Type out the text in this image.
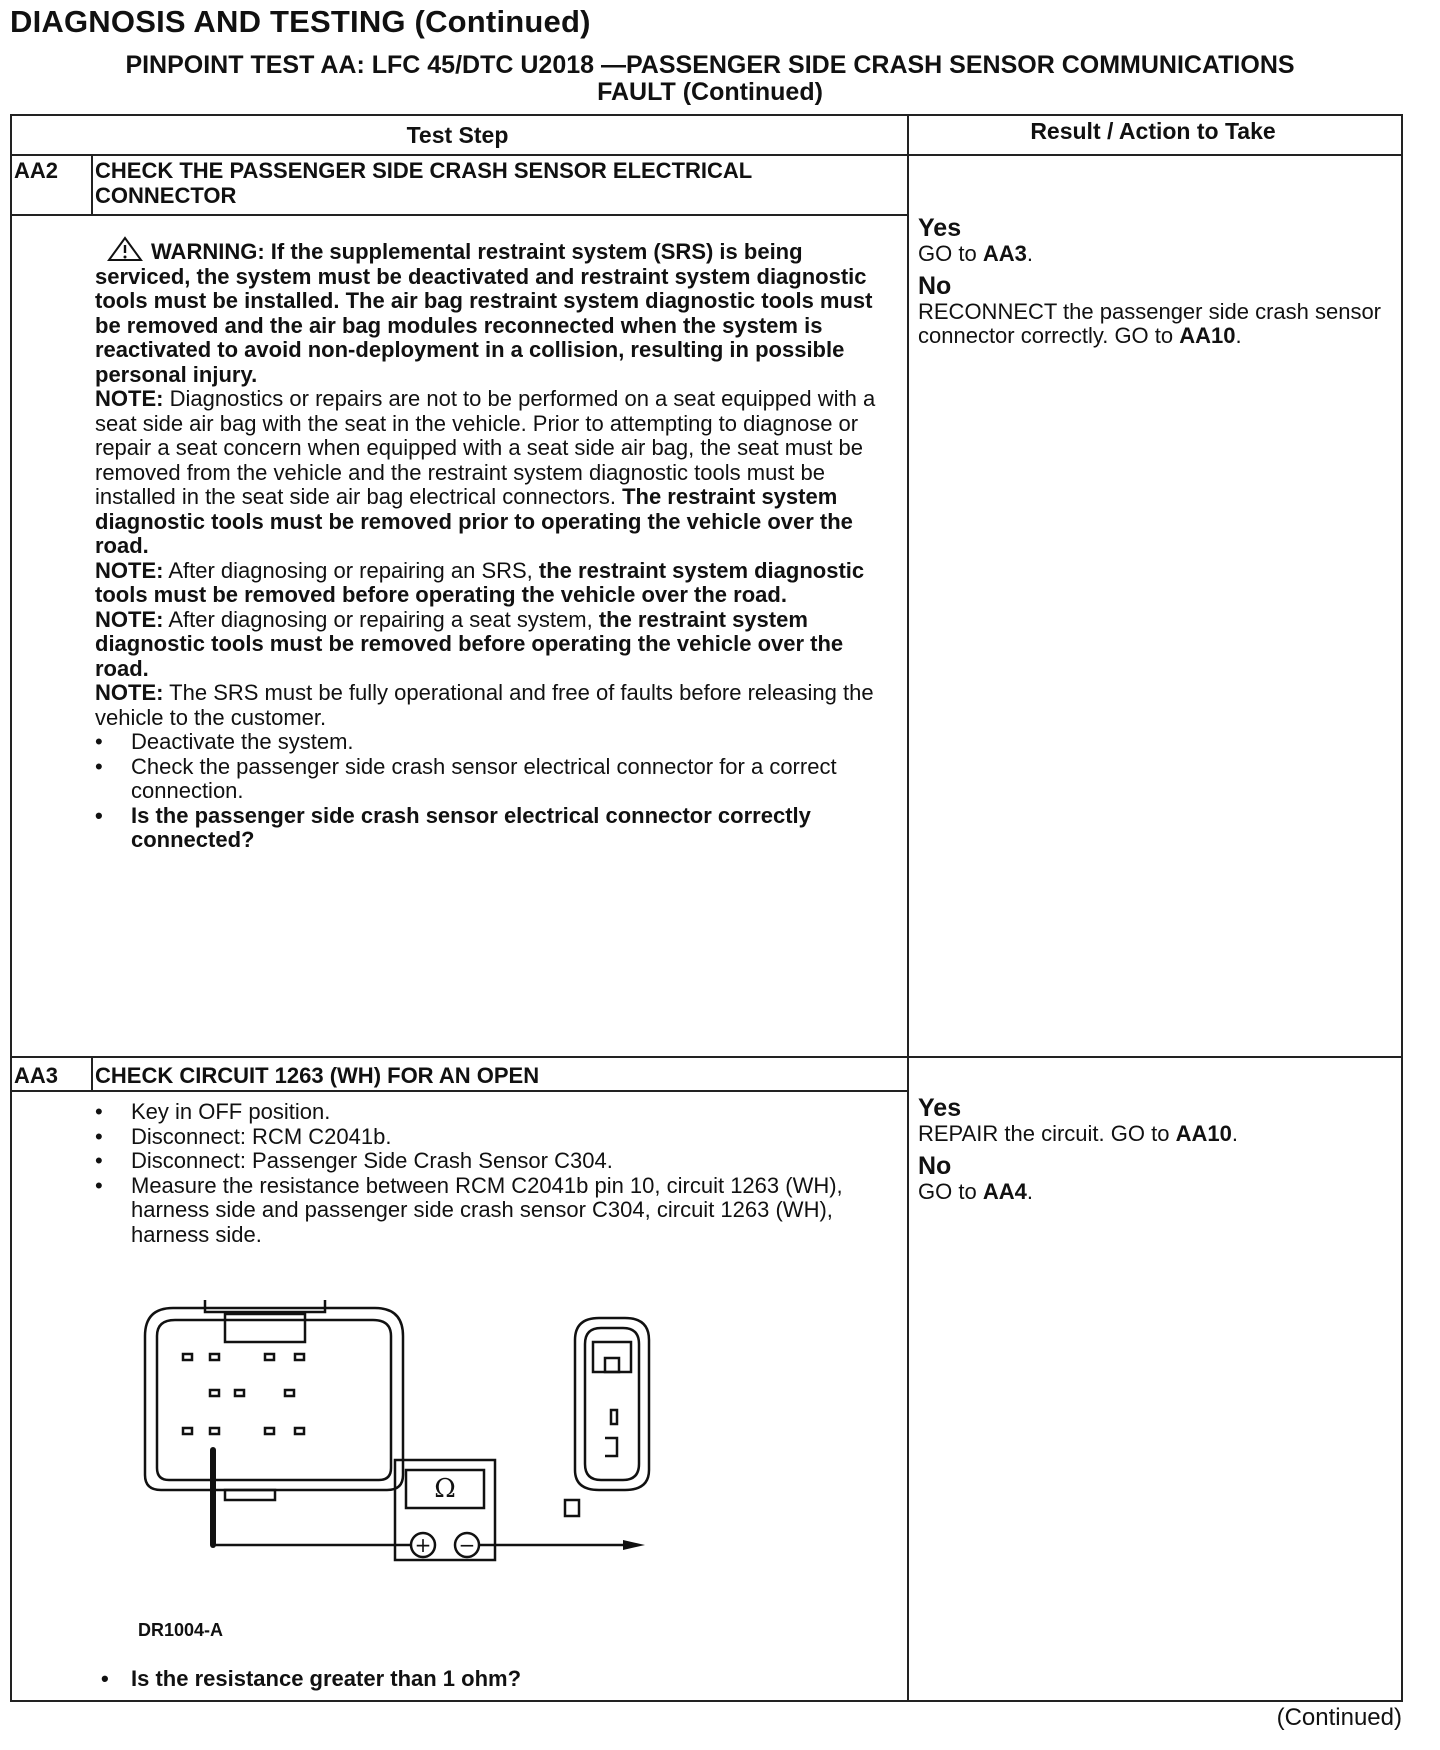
DIAGNOSIS AND TESTING (Continued)
PINPOINT TEST AA: LFC 45/DTC U2018 —PASSENGER SIDE CRASH SENSOR COMMUNICATIONS
FAULT (Continued)
Test Step	Result / Action to Take
AA2 CHECK THE PASSENGER SIDE CRASH SENSOR ELECTRICAL CONNECTOR

WARNING: If the supplemental restraint system (SRS) is being serviced, the system must be deactivated and restraint system diagnostic tools must be installed. The air bag restraint system diagnostic tools must be removed and the air bag modules reconnected when the system is reactivated to avoid non-deployment in a collision, resulting in possible personal injury.

NOTE: Diagnostics or repairs are not to be performed on a seat equipped with a seat side air bag with the seat in the vehicle. Prior to attempting to diagnose or repair a seat concern when equipped with a seat side air bag, the seat must be removed from the vehicle and the restraint system diagnostic tools must be installed in the seat side air bag electrical connectors. The restraint system diagnostic tools must be removed prior to operating the vehicle over the road.

NOTE: After diagnosing or repairing an SRS, the restraint system diagnostic tools must be removed before operating the vehicle over the road.

NOTE: After diagnosing or repairing a seat system, the restraint system diagnostic tools must be removed before operating the vehicle over the road.

NOTE: The SRS must be fully operational and free of faults before releasing the vehicle to the customer.

• Deactivate the system.
• Check the passenger side crash sensor electrical connector for a correct connection.
• Is the passenger side crash sensor electrical connector correctly connected?
Yes
GO to AA3.
No
RECONNECT the passenger side crash sensor connector correctly. GO to AA10.
AA3 CHECK CIRCUIT 1263 (WH) FOR AN OPEN
• Key in OFF position.
• Disconnect: RCM C2041b.
• Disconnect: Passenger Side Crash Sensor C304.
• Measure the resistance between RCM C2041b pin 10, circuit 1263 (WH), harness side and passenger side crash sensor C304, circuit 1263 (WH), harness side.
Yes
REPAIR the circuit. GO to AA10.
No
GO to AA4.
Ω
+ −
DR1004-A
• Is the resistance greater than 1 ohm?
(Continued)
